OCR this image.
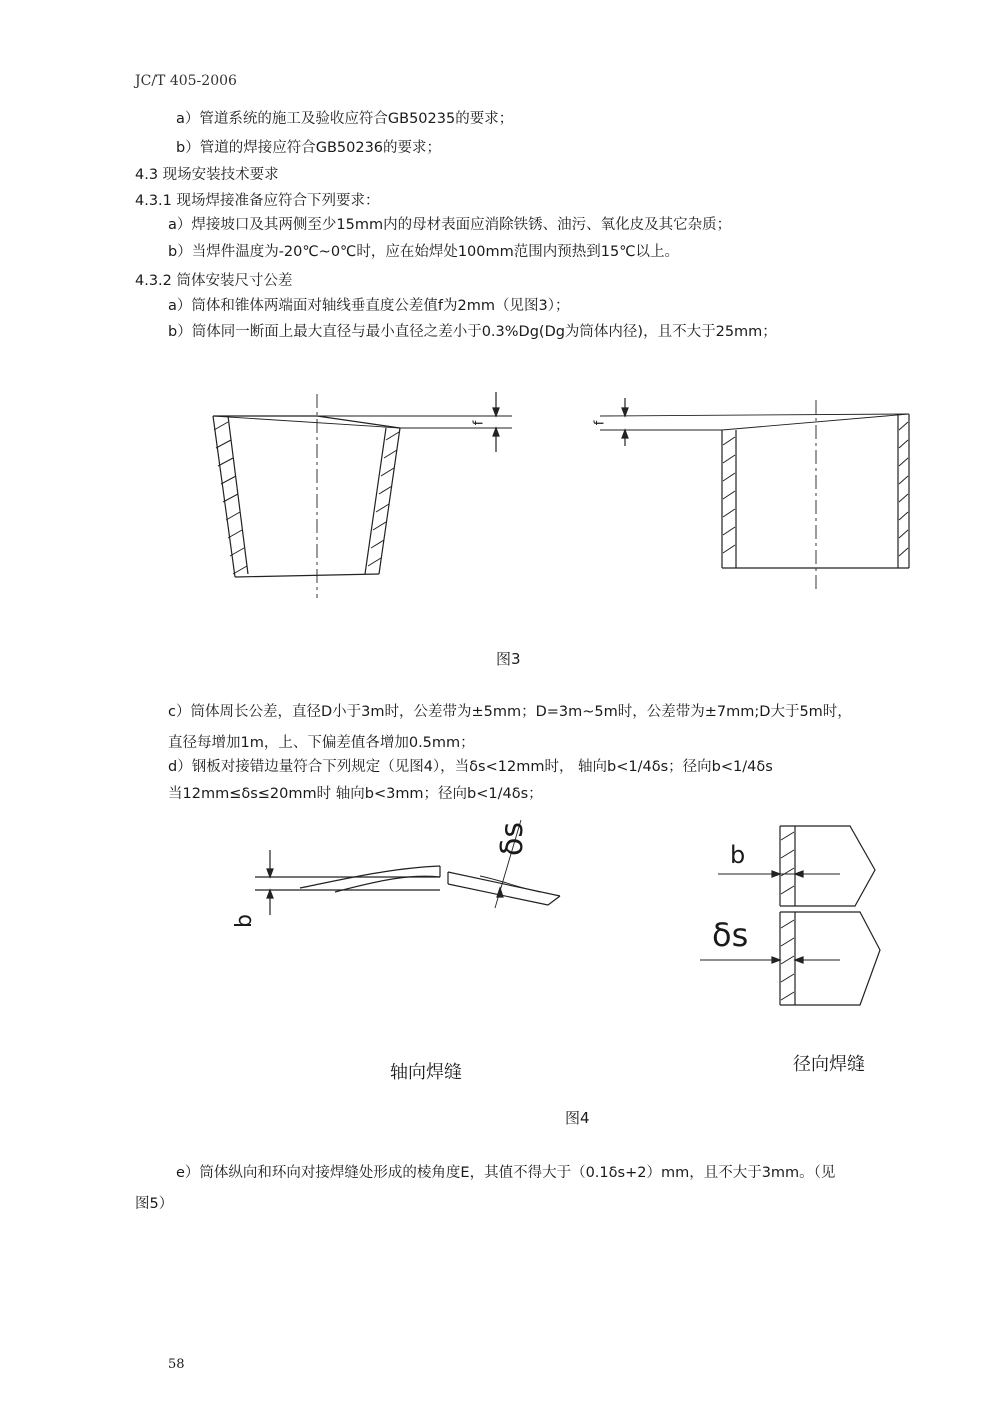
JC/T 405-2006
a）管道系统的施工及验收应符合GB50235的要求；
b）管道的焊接应符合GB50236的要求；
4.3 现场安装技术要求
4.3.1 现场焊接准备应符合下列要求：
a）焊接坡口及其两侧至少15mm内的母材表面应消除铁锈、油污、氧化皮及其它杂质；
b）当焊件温度为-20℃~0℃时，应在始焊处100mm范围内预热到15℃以上。
4.3.2 筒体安装尺寸公差
a）筒体和锥体两端面对轴线垂直度公差值f为2mm（见图3）；
b）筒体同一断面上最大直径与最小直径之差小于0.3%Dg(Dg为筒体内径)，且不大于25mm；
f	f
图3
c）筒体周长公差，直径D小于3m时，公差带为±5mm；D=3m~5m时，公差带为±7mm;D大于5m时，
直径每增加1m，上、下偏差值各增加0.5mm；
d）钢板对接错边量符合下列规定（见图4），当δs<12mm时， 轴向b<1/4δs；径向b<1/4δs
当12mm≤δs≤20mm时 轴向b<3mm；径向b<1/4δs；
b
δs	b
δs
轴向焊缝	径向焊缝
图4
e）筒体纵向和环向对接焊缝处形成的棱角度E，其值不得大于（0.1δs+2）mm，且不大于3mm。（见
图5）
58
